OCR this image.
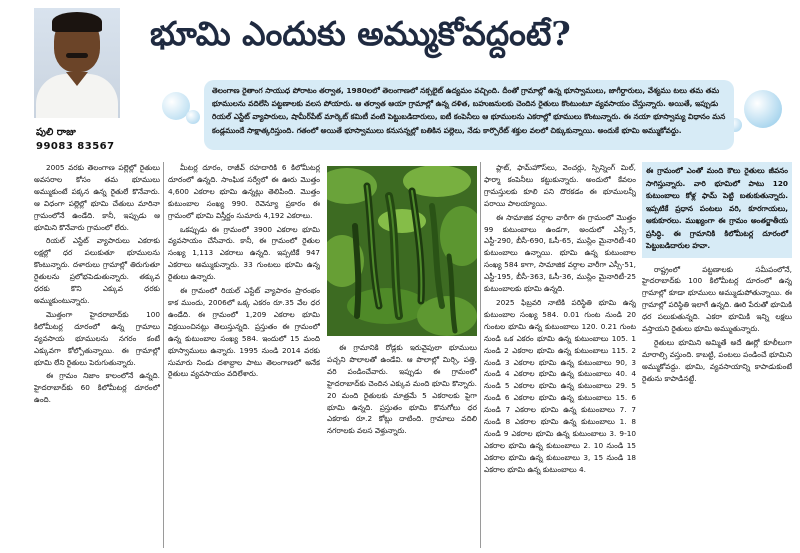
పులి రాజు
99083 83567
భూమి ఎందుకు అమ్ముకోవద్దంటే?
తెలంగాణ రైతాంగ సాయుధ పోరాటం తర్వాత, 1980లలో తెలంగాణలో నక్సలైట్ ఉద్యమం వచ్చింది. దీంతో గ్రామాల్లో ఉన్న భూస్వాములు, జాగీర్దారులు, వేశ్యము టలు తమ తమ భూములను వదిలేసి పట్టణాలకు వలస పోయారు. ఆ తర్వాత ఆయా గ్రామాల్లో ఉన్న దళిత, బహుజనులకు చెందిన రైతులు కొంటుంటూ వ్యవసాయం చేస్తున్నారు. అయితే, ఇప్పుడు రియల్ ఎస్టేట్ వ్యాపారులు, షామీర్‌పేట్ మార్కెట్ కమిటీ వంటి పెట్టుబడిదారులు, ఐటీ కంపెనీలు ఆ భూములను ఎకరాల్లో భూములు కొంటున్నారు. ఈ నయా భూస్వామ్య విధానం మన కండ్లముందే సాక్షాత్కరిస్తుంది. గతంలో అయితే భూస్వాములు కనుసన్నల్లో బతికిన పల్లెలు, నేడు కార్పొరేట్ శక్తుల వలలో చిక్కుకున్నాయి. అందుకే భూమి అమ్ముకోవద్దు.

2005 వరకు తెలంగాణ పల్లెల్లో రైతులు అవసరాల కోసం తమ భూములు అమ్ముకుంటే పక్కన ఉన్న రైతులే కొనేవారు. ఆ విధంగా పల్లెల్లో భూమి చేతులు మారినా గ్రామంలోనే ఉండేది. కానీ, ఇప్పుడు ఆ భూమిని కొనేవారు గ్రామంలో లేరు.

రియల్ ఎస్టేట్ వ్యాపారులు ఎకరాకు లక్షల్లో ధర పలుకుతూ భూములను కొంటున్నారు. దళారులు గ్రామాల్లో తిరుగుతూ రైతులను ప్రలోభపెడుతున్నారు. తక్కువ ధరకు కొని ఎక్కువ ధరకు అమ్ముకుంటున్నారు.

మొత్తంగా హైదరాబాద్‌కు 100 కిలోమీటర్ల దూరంలో ఉన్న గ్రామాలు వ్యవసాయ భూములను నగరం కంటే ఎక్కువగా కోల్పోతున్నాయి. ఈ గ్రామాల్లో భూమి లేని రైతులు పెరుగుతున్నారు.

ఈ గ్రామం నిజాం కాలంలోనే ఉన్నది. హైదరాబాద్‌కు 60 కిలోమీటర్ల దూరంలో ఉంది.

మీటర్ల దూరం, రాజీవ్ రహదారికి 6 కిలోమీటర్ల దూరంలో ఉన్నది. సాంఘిక సర్వేలో ఈ ఊరు మొత్తం 4,600 ఎకరాల భూమి ఉన్నట్లు తెలిపింది. మొత్తం కుటుంబాల సంఖ్య 990. రెవెన్యూ ప్రకారం ఈ గ్రామంలో భూమి విస్తీర్ణం సుమారు 4,192 ఎకరాలు.

ఒకప్పుడు ఈ గ్రామంలో 3900 ఎకరాల భూమి వ్యవసాయం చేసేవారు. కానీ, ఈ గ్రామంలో రైతుల సంఖ్య 1,113 ఎకరాలు ఉన్నది. ఇప్పటికే 947 ఎకరాలు అమ్ముకున్నారు. 33 గుంటలు భూమి ఉన్న రైతులు ఉన్నారు.

ఈ గ్రామంలో రియల్ ఎస్టేట్ వ్యాపారం ప్రారంభం కాక ముందు, 2006లో ఒక్క ఎకరం రూ.35 వేల ధర ఉండేది. ఈ గ్రామంలో 1,209 ఎకరాల భూమి విక్రయించినట్లు తెలుస్తున్నది. ప్రస్తుతం ఈ గ్రామంలో ఉన్న కుటుంబాల సంఖ్య 584. ఇందులో 15 మంది భూస్వాములు ఉన్నారు. 1995 నుండి 2014 వరకు సుమారు నిండు దశాబ్దాల పాటు తెలంగాణలో అనేక రైతులు వ్యవసాయం వదిలేశారు.

ఈ గ్రామానికి రోడ్లకు ఇరువైపులా భూములు పచ్చని పొలాలతో ఉండేవి. ఆ పొలాల్లో మిర్చి, పత్తి, వరి పండించేవారు. ఇప్పుడు ఈ గ్రామంలో హైదరాబాద్‌కు చెందిన ఎక్కువ మంది భూమి కొన్నారు. 20 మంది రైతులకు మాత్రమే 5 ఎకరాలకు పైగా భూమి ఉన్నది. ప్రస్తుతం భూమి కొనుగోలు ధర ఎకరాకు రూ.2 కోట్లు దాటింది. గ్రామాలు వదిలి నగరాలకు వలస వెళ్తున్నారు.

ప్లాట్, ఫామ్‌హౌస్‌లు, వెంచర్లు, స్పిన్నింగ్ మిల్, ఫార్మా కంపెనీలు కట్టుకున్నారు. అందులో కేవలం గ్రామస్తులకు కూలి పని దొరకడం ఈ భూములన్నీ పరాయి పాలయ్యాయి.

ఈ సామాజిక వర్గాల వారీగా ఈ గ్రామంలో మొత్తం 99 కుటుంబాలు ఉండగా, అందులో ఎస్సీ-5, ఎస్టీ-290, బీసీ-690, ఓసీ-65, ముస్లిం మైనారిటీ-40 కుటుంబాలు ఉన్నాయి. భూమి ఉన్న కుటుంబాల సంఖ్య 584 కాగా, సామాజిక వర్గాల వారీగా ఎస్సీ-51, ఎస్టీ-195, బీసీ-363, ఓసీ-36, ముస్లిం మైనారిటీ-25 కుటుంబాలకు భూమి ఉన్నది.

2025 ఫిబ్రవరి నాటికి పరిస్థితి భూమి ఉన్న కుటుంబాల సంఖ్య 584. 0.01 గుంట నుండి 20 గుంటల భూమి ఉన్న కుటుంబాలు 120. 0.21 గుంట నుండి ఒక ఎకరం భూమి ఉన్న కుటుంబాలు 105. 1 నుండి 2 ఎకరాల భూమి ఉన్న కుటుంబాలు 115. 2 నుండి 3 ఎకరాల భూమి ఉన్న కుటుంబాలు 90, 3 నుండి 4 ఎకరాల భూమి ఉన్న కుటుంబాలు 40. 4 నుండి 5 ఎకరాల భూమి ఉన్న కుటుంబాలు 29. 5 నుండి 6 ఎకరాల భూమి ఉన్న కుటుంబాలు 15. 6 నుండి 7 ఎకరాల భూమి ఉన్న కుటుంబాలు 7. 7 నుండి 8 ఎకరాల భూమి ఉన్న కుటుంబాలు 1. 8 నుండి 9 ఎకరాల భూమి ఉన్న కుటుంబాలు 3. 9-10 ఎకరాల భూమి ఉన్న కుటుంబాలు 2. 10 నుండి 15 ఎకరాల భూమి ఉన్న కుటుంబాలు 3, 15 నుండి 18 ఎకరాల భూమి ఉన్న కుటుంబాలు 4.

ఈ గ్రామంలో ఎంతో మంది కౌలు రైతులు జీవనం సాగిస్తున్నారు. వారి భూమిలో పాటు 120 కుటుంబాలు కోళ్ల ఫామ్ పెట్టి బతుకుతున్నారు. ఇప్పటికే ప్రధాన పంటలు వరి, కూరగాయలు, ఆకుకూరలు. ముఖ్యంగా ఈ గ్రామం అంతర్జాతీయ ప్రసిద్ధి. ఈ గ్రామానికి కిలోమీటర్ల దూరంలో పెట్టుబడిదారుల హవా.

రాష్ట్రంలో పట్టణాలకు సమీపంలోనే, హైదరాబాద్‌కు 100 కిలోమీటర్ల దూరంలో ఉన్న గ్రామాల్లో కూడా భూములు అమ్ముడుపోతున్నాయి. ఈ గ్రామాల్లో పరిస్థితి ఇలాగే ఉన్నది. ఊరి పేరుతో భూమికి ధర పలుకుతున్నది. ఎకరా భూమికి ఇన్ని లక్షలు వస్తాయని రైతులు భూమి అమ్ముతున్నారు.

రైతులు భూమిని అమ్మితే అదే ఊర్లో కూలీలుగా మారాల్సి వస్తుంది. కాబట్టి, పంటలు పండించే భూమిని అమ్ముకోవద్దు. భూమి, వ్యవసాయాన్ని కాపాడుకుంటే రైతును కాపాడినట్టే.
